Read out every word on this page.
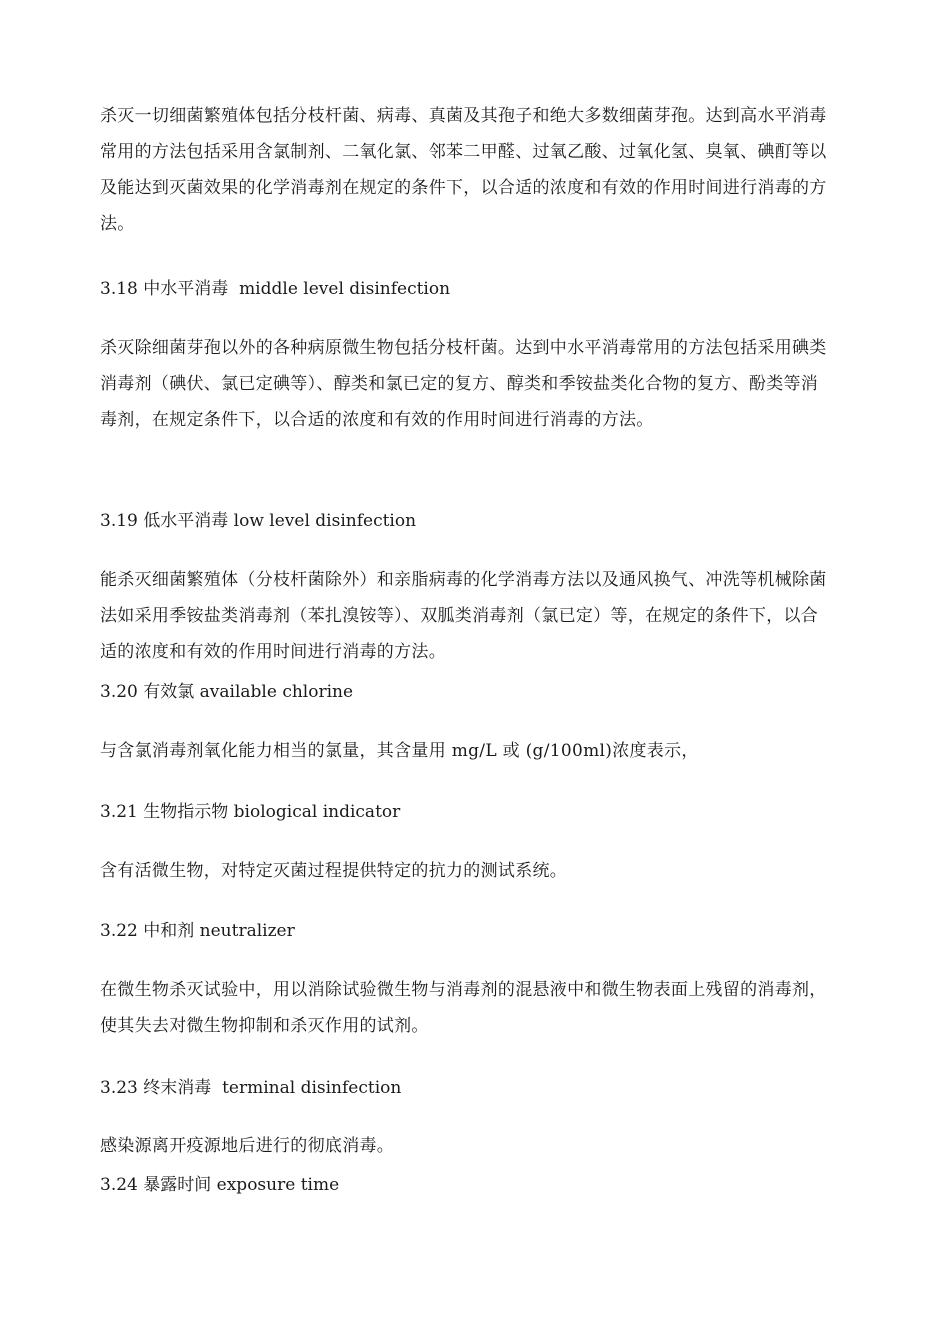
杀灭一切细菌繁殖体包括分枝杆菌、病毒、真菌及其孢子和绝大多数细菌芽孢。达到高水平消毒常用的方法包括采用含氯制剂、二氧化氯、邻苯二甲醛、过氧乙酸、过氧化氢、臭氧、碘酊等以及能达到灭菌效果的化学消毒剂在规定的条件下，以合适的浓度和有效的作用时间进行消毒的方法。

3.18 中水平消毒  middle level disinfection

杀灭除细菌芽孢以外的各种病原微生物包括分枝杆菌。达到中水平消毒常用的方法包括采用碘类消毒剂（碘伏、氯已定碘等）、醇类和氯已定的复方、醇类和季铵盐类化合物的复方、酚类等消毒剂，在规定条件下，以合适的浓度和有效的作用时间进行消毒的方法。

3.19 低水平消毒 low level disinfection

能杀灭细菌繁殖体（分枝杆菌除外）和亲脂病毒的化学消毒方法以及通风换气、冲洗等机械除菌法如采用季铵盐类消毒剂（苯扎溴铵等）、双胍类消毒剂（氯已定）等，在规定的条件下，以合适的浓度和有效的作用时间进行消毒的方法。

3.20 有效氯 available chlorine

与含氯消毒剂氧化能力相当的氯量，其含量用 mg/L 或 (g/100ml)浓度表示，

3.21 生物指示物 biological indicator

含有活微生物，对特定灭菌过程提供特定的抗力的测试系统。

3.22 中和剂 neutralizer

在微生物杀灭试验中，用以消除试验微生物与消毒剂的混悬液中和微生物表面上残留的消毒剂，使其失去对微生物抑制和杀灭作用的试剂。

3.23 终末消毒  terminal disinfection

感染源离开疫源地后进行的彻底消毒。

3.24 暴露时间 exposure time
